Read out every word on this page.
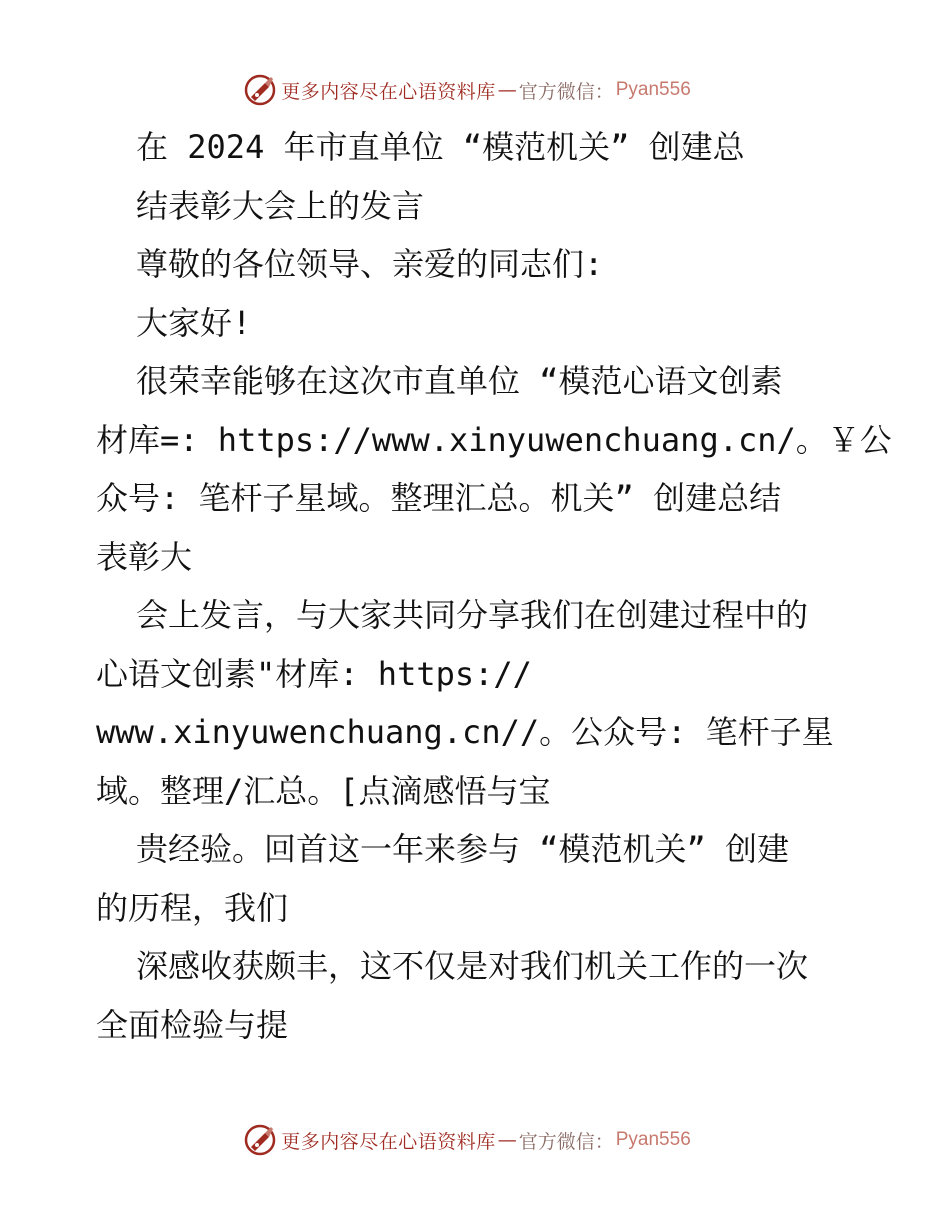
更多内容尽在心语资料库 — 官方微信： Pyan556
在 2024 年市直单位 “模范机关” 创建总
结表彰大会上的发言
尊敬的各位领导、亲爱的同志们:
大家好!
很荣幸能够在这次市直单位 “模范心语文创素
材库=: https://www.xinyuwenchuang.cn/。￥公
众号: 笔杆子星域。整理汇总。机关” 创建总结
表彰大
会上发言，与大家共同分享我们在创建过程中的
心语文创素"材库: https://
www.xinyuwenchuang.cn//。公众号: 笔杆子星
域。整理/汇总。[点滴感悟与宝
贵经验。回首这一年来参与 “模范机关” 创建
的历程，我们
深感收获颇丰，这不仅是对我们机关工作的一次
全面检验与提
更多内容尽在心语资料库 — 官方微信： Pyan556
